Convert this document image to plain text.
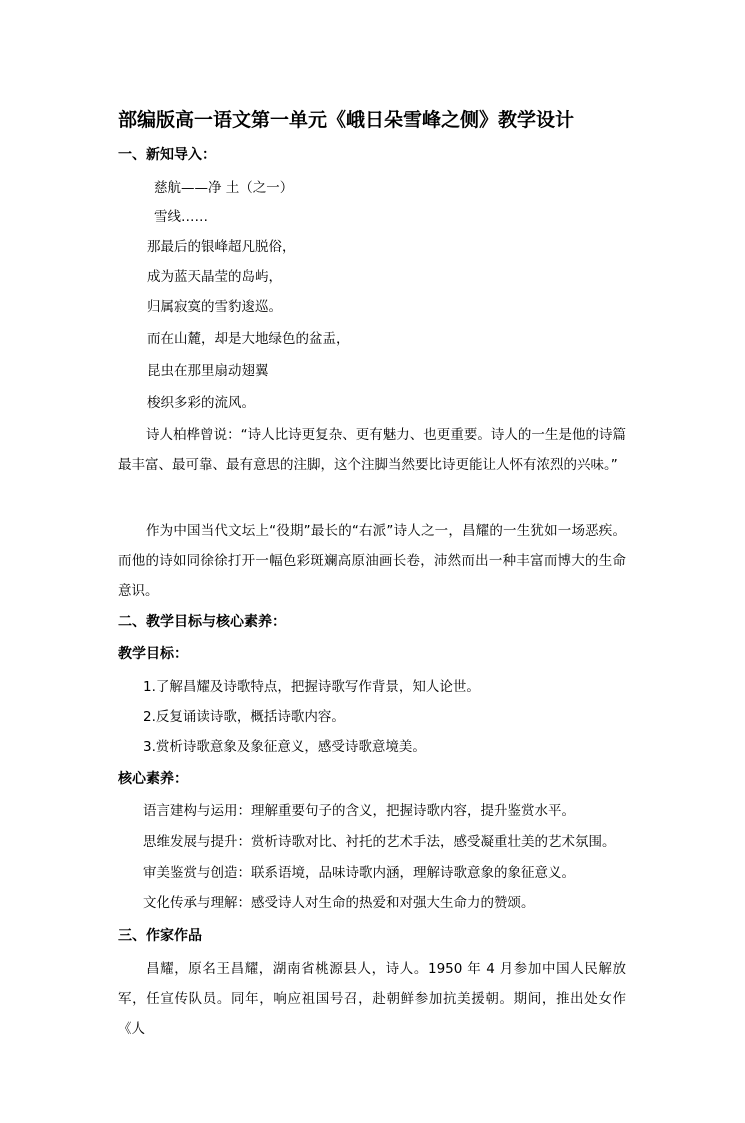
部编版高一语文第一单元《峨日朵雪峰之侧》教学设计
一、新知导入：
慈航——净 土（之一）
雪线……
那最后的银峰超凡脱俗，
成为蓝天晶莹的岛屿，
归属寂寞的雪豹逡巡。
而在山麓，却是大地绿色的盆盂，
昆虫在那里扇动翅翼
梭织多彩的流风。
诗人柏桦曾说：“诗人比诗更复杂、更有魅力、也更重要。诗人的一生是他的诗篇最丰富、最可靠、最有意思的注脚，这个注脚当然要比诗更能让人怀有浓烈的兴味。”
作为中国当代文坛上“役期”最长的“右派”诗人之一，昌耀的一生犹如一场恶疾。而他的诗如同徐徐打开一幅色彩斑斓高原油画长卷，沛然而出一种丰富而博大的生命意识。
二、教学目标与核心素养：
教学目标：
1.了解昌耀及诗歌特点，把握诗歌写作背景，知人论世。
2.反复诵读诗歌，概括诗歌内容。
3.赏析诗歌意象及象征意义，感受诗歌意境美。
核心素养：
语言建构与运用：理解重要句子的含义，把握诗歌内容，提升鉴赏水平。
思维发展与提升：赏析诗歌对比、衬托的艺术手法，感受凝重壮美的艺术氛围。
审美鉴赏与创造：联系语境，品味诗歌内涵，理解诗歌意象的象征意义。
文化传承与理解：感受诗人对生命的热爱和对强大生命力的赞颂。
三、作家作品
昌耀，原名王昌耀，湖南省桃源县人，诗人。1950 年 4 月参加中国人民解放军，任宣传队员。同年，响应祖国号召，赴朝鲜参加抗美援朝。期间，推出处女作《人
